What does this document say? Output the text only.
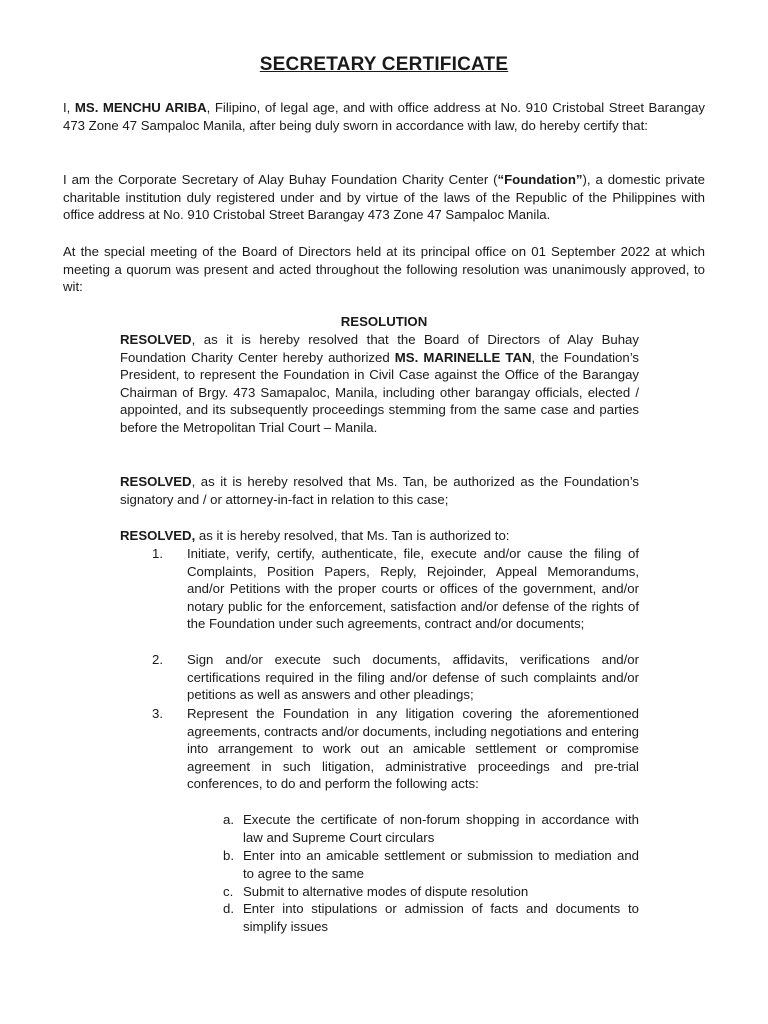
SECRETARY CERTIFICATE

I, MS. MENCHU ARIBA, Filipino, of legal age, and with office address at No. 910 Cristobal Street Barangay 473 Zone 47 Sampaloc Manila, after being duly sworn in accordance with law, do hereby certify that:

I am the Corporate Secretary of Alay Buhay Foundation Charity Center (“Foundation”), a domestic private charitable institution duly registered under and by virtue of the laws of the Republic of the Philippines with office address at No. 910 Cristobal Street Barangay 473 Zone 47 Sampaloc Manila.

At the special meeting of the Board of Directors held at its principal office on 01 September 2022 at which meeting a quorum was present and acted throughout the following resolution was unanimously approved, to wit:

RESOLUTION

RESOLVED, as it is hereby resolved that the Board of Directors of Alay Buhay Foundation Charity Center hereby authorized MS. MARINELLE TAN, the Foundation’s President, to represent the Foundation in Civil Case against the Office of the Barangay Chairman of Brgy. 473 Samapaloc, Manila, including other barangay officials, elected / appointed, and its subsequently proceedings stemming from the same case and parties before the Metropolitan Trial Court – Manila.

RESOLVED, as it is hereby resolved that Ms. Tan, be authorized as the Foundation’s signatory and / or attorney-in-fact in relation to this case;

RESOLVED, as it is hereby resolved, that Ms. Tan is authorized to:

1. Initiate, verify, certify, authenticate, file, execute and/or cause the filing of Complaints, Position Papers, Reply, Rejoinder, Appeal Memorandums, and/or Petitions with the proper courts or offices of the government, and/or notary public for the enforcement, satisfaction and/or defense of the rights of the Foundation under such agreements, contract and/or documents;
2. Sign and/or execute such documents, affidavits, verifications and/or certifications required in the filing and/or defense of such complaints and/or petitions as well as answers and other pleadings;
3. Represent the Foundation in any litigation covering the aforementioned agreements, contracts and/or documents, including negotiations and entering into arrangement to work out an amicable settlement or compromise agreement in such litigation, administrative proceedings and pre-trial conferences, to do and perform the following acts:
a. Execute the certificate of non-forum shopping in accordance with law and Supreme Court circulars
b. Enter into an amicable settlement or submission to mediation and to agree to the same
c. Submit to alternative modes of dispute resolution
d. Enter into stipulations or admission of facts and documents to simplify issues
